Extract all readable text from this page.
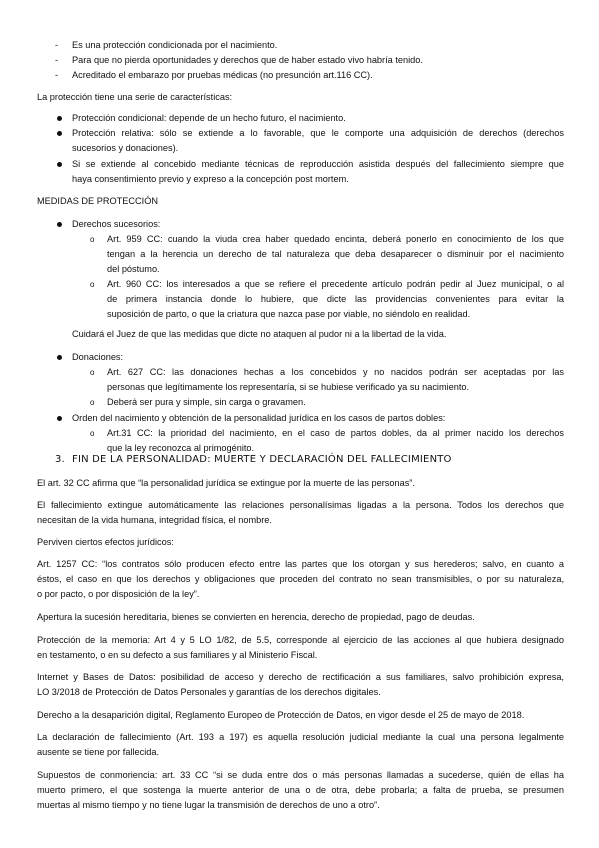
- Es una protección condicionada por el nacimiento.
- Para que no pierda oportunidades y derechos que de haber estado vivo habría tenido.
- Acreditado el embarazo por pruebas médicas (no presunción art.116 CC).
La protección tiene una serie de características:
Protección condicional: depende de un hecho futuro, el nacimiento.
Protección relativa: sólo se extiende a lo favorable, que le comporte una adquisición de derechos (derechos
sucesorios y donaciones).
Si se extiende al concebido mediante técnicas de reproducción asistida después del fallecimiento siempre que
haya consentimiento previo y expreso a la concepción post mortem.
MEDIDAS DE PROTECCIÓN
Derechos sucesorios:
o Art. 959 CC: cuando la viuda crea haber quedado encinta, deberá ponerlo en conocimiento de los que
tengan a la herencia un derecho de tal naturaleza que deba desaparecer o disminuir por el nacimiento
del póstumo.
o Art. 960 CC: los interesados a que se refiere el precedente artículo podrán pedir al Juez municipal, o al
de primera instancia donde lo hubiere, que dicte las providencias convenientes para evitar la
suposición de parto, o que la criatura que nazca pase por viable, no siéndolo en realidad.
Cuidará el Juez de que las medidas que dicte no ataquen al pudor ni a la libertad de la vida.
Donaciones:
o Art. 627 CC: las donaciones hechas a los concebidos y no nacidos podrán ser aceptadas por las
personas que legítimamente los representaría, si se hubiese verificado ya su nacimiento.
o Deberá ser pura y simple, sin carga o gravamen.
Orden del nacimiento y obtención de la personalidad jurídica en los casos de partos dobles:
o Art.31 CC: la prioridad del nacimiento, en el caso de partos dobles, da al primer nacido los derechos
que la ley reconozca al primogénito.
3. FIN DE LA PERSONALIDAD: MUERTE Y DECLARACIÓN DEL FALLECIMIENTO
El art. 32 CC afirma que “la personalidad jurídica se extingue por la muerte de las personas”.
El fallecimiento extingue automáticamente las relaciones personalísimas ligadas a la persona. Todos los derechos que
necesitan de la vida humana, integridad física, el nombre.
Perviven ciertos efectos jurídicos:
Art. 1257 CC: “los contratos sólo producen efecto entre las partes que los otorgan y sus herederos; salvo, en cuanto a
éstos, el caso en que los derechos y obligaciones que proceden del contrato no sean transmisibles, o por su naturaleza,
o por pacto, o por disposición de la ley”.
Apertura la sucesión hereditaria, bienes se convierten en herencia, derecho de propiedad, pago de deudas.
Protección de la memoria: Art 4 y 5 LO 1/82, de 5.5, corresponde al ejercicio de las acciones al que hubiera designado
en testamento, o en su defecto a sus familiares y al Ministerio Fiscal.
Internet y Bases de Datos: posibilidad de acceso y derecho de rectificación a sus familiares, salvo prohibición expresa,
LO 3/2018 de Protección de Datos Personales y garantías de los derechos digitales.
Derecho a la desaparición digital, Reglamento Europeo de Protección de Datos, en vigor desde el 25 de mayo de 2018.
La declaración de fallecimiento (Art. 193 a 197) es aquella resolución judicial mediante la cual una persona legalmente
ausente se tiene por fallecida.
Supuestos de conmoriencia: art. 33 CC “si se duda entre dos o más personas llamadas a sucederse, quién de ellas ha
muerto primero, el que sostenga la muerte anterior de una o de otra, debe probarla; a falta de prueba, se presumen
muertas al mismo tiempo y no tiene lugar la transmisión de derechos de uno a otro”.
